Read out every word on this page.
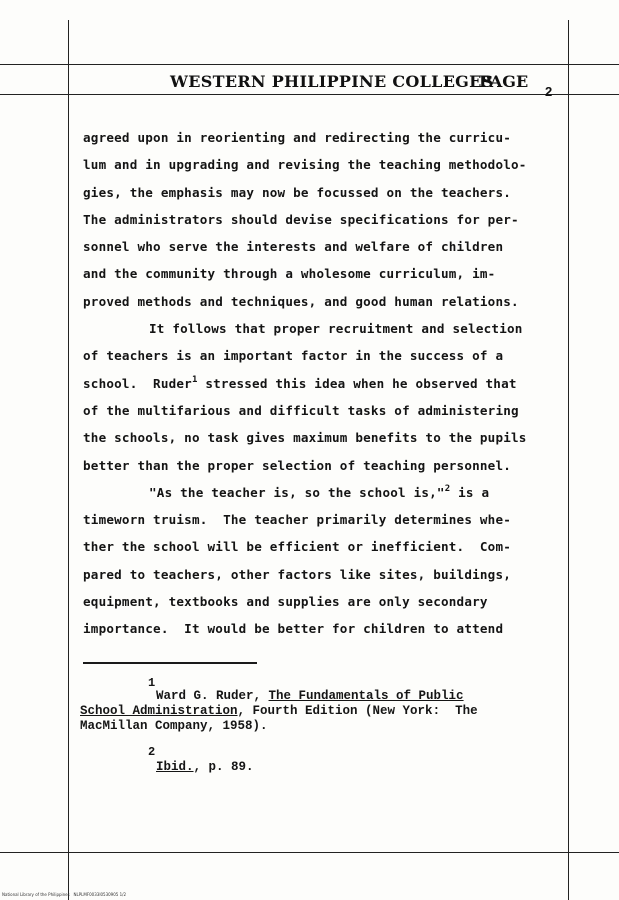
WESTERN PHILIPPINE COLLEGES
PAGE
2
agreed upon in reorienting and redirecting the curricu-
lum and in upgrading and revising the teaching methodolo-
gies, the emphasis may now be focussed on the teachers.
The administrators should devise specifications for per-
sonnel who serve the interests and welfare of children
and the community through a wholesome curriculum, im-
proved methods and techniques, and good human relations.
It follows that proper recruitment and selection
of teachers is an important factor in the success of a
school.  Ruder$^1$ stressed this idea when he observed that
of the multifarious and difficult tasks of administering
the schools, no task gives maximum benefits to the pupils
better than the proper selection of teaching personnel.
"As the teacher is, so the school is,"$^2$ is a
timeworn truism.  The teacher primarily determines whe-
ther the school will be efficient or inefficient.  Com-
pared to teachers, other factors like sites, buildings,
equipment, textbooks and supplies are only secondary
importance.  It would be better for children to attend
1
Ward G. Ruder, The Fundamentals of Public
School Administration, Fourth Edition (New York:  The
MacMillan Company, 1958).
2
Ibid., p. 89.
National Library of the Philippines   NLPLMF0033I0530905 1/2
